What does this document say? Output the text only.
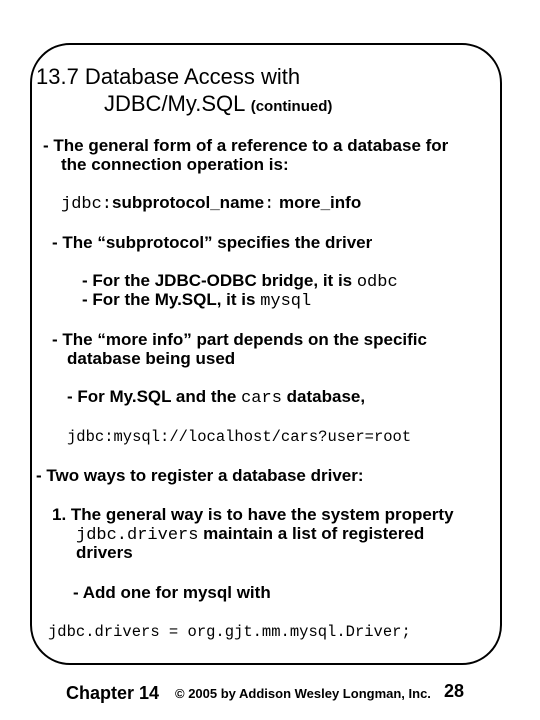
13.7 Database Access with
JDBC/My.SQL (continued)
- The general form of a reference to a database for
the connection operation is:
jdbc:subprotocol_name: more_info
- The “subprotocol” specifies the driver
- For the JDBC-ODBC bridge, it is odbc
- For the My.SQL, it is mysql
- The “more info” part depends on the specific
database being used
- For My.SQL and the cars database,
jdbc:mysql://localhost/cars?user=root
- Two ways to register a database driver:
1. The general way is to have the system property
jdbc.drivers maintain a list of registered
drivers
- Add one for mysql with
jdbc.drivers = org.gjt.mm.mysql.Driver;
Chapter 14 © 2005 by Addison Wesley Longman, Inc. 28
